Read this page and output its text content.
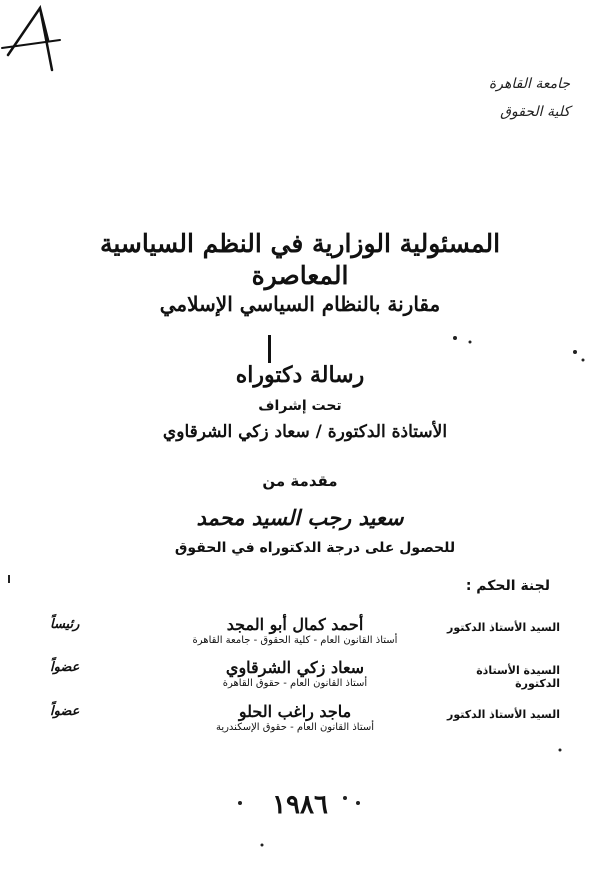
جامعة القاهرة
كلية الحقوق
المسئولية الوزارية في النظم السياسية المعاصرة
مقارنة بالنظام السياسي الإسلامي
رسالة دكتوراه
تحت إشراف
الأستاذة الدكتورة / سعاد زكي الشرقاوي
مقدمة من
سعيد رجب السيد محمد
للحصول على درجة الدكتوراه في الحقوق
لجنة الحكم :
السيد الأستاذ الدكتور
أحمد كمال أبو المجد
أستاذ القانون العام - كلية الحقوق - جامعة القاهرة
رئيساً
السيدة الأستاذة الدكتورة
سعاد زكي الشرقاوي
أستاذ القانون العام - حقوق القاهرة
عضواً
السيد الأستاذ الدكتور
ماجد راغب الحلو
أستاذ القانون العام - حقوق الإسكندرية
عضواً
١٩٨٦
